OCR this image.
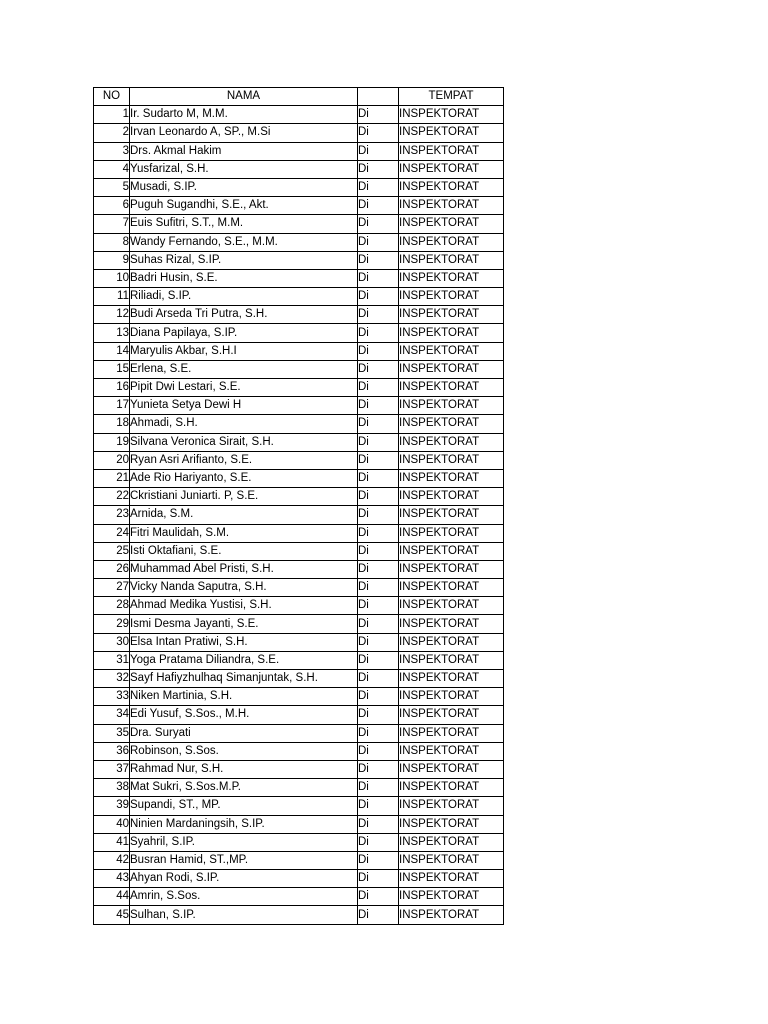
NO	NAMA		TEMPAT
1	Ir. Sudarto M, M.M.	Di	INSPEKTORAT
2	Irvan Leonardo A, SP., M.Si	Di	INSPEKTORAT
3	Drs. Akmal Hakim	Di	INSPEKTORAT
4	Yusfarizal, S.H.	Di	INSPEKTORAT
5	Musadi, S.IP.	Di	INSPEKTORAT
6	Puguh Sugandhi, S.E., Akt.	Di	INSPEKTORAT
7	Euis Sufitri, S.T., M.M.	Di	INSPEKTORAT
8	Wandy Fernando, S.E., M.M.	Di	INSPEKTORAT
9	Suhas Rizal, S.IP.	Di	INSPEKTORAT
10	Badri Husin, S.E.	Di	INSPEKTORAT
11	Riliadi, S.IP.	Di	INSPEKTORAT
12	Budi Arseda Tri Putra, S.H.	Di	INSPEKTORAT
13	Diana Papilaya, S.IP.	Di	INSPEKTORAT
14	Maryulis Akbar, S.H.I	Di	INSPEKTORAT
15	Erlena, S.E.	Di	INSPEKTORAT
16	Pipit Dwi Lestari, S.E.	Di	INSPEKTORAT
17	Yunieta Setya Dewi H	Di	INSPEKTORAT
18	Ahmadi, S.H.	Di	INSPEKTORAT
19	Silvana Veronica Sirait, S.H.	Di	INSPEKTORAT
20	Ryan Asri Arifianto, S.E.	Di	INSPEKTORAT
21	Ade Rio Hariyanto, S.E.	Di	INSPEKTORAT
22	Ckristiani Juniarti. P, S.E.	Di	INSPEKTORAT
23	Arnida, S.M.	Di	INSPEKTORAT
24	Fitri Maulidah, S.M.	Di	INSPEKTORAT
25	Isti Oktafiani, S.E.	Di	INSPEKTORAT
26	Muhammad Abel Pristi, S.H.	Di	INSPEKTORAT
27	Vicky Nanda Saputra, S.H.	Di	INSPEKTORAT
28	Ahmad Medika Yustisi, S.H.	Di	INSPEKTORAT
29	Ismi Desma Jayanti, S.E.	Di	INSPEKTORAT
30	Elsa Intan Pratiwi, S.H.	Di	INSPEKTORAT
31	Yoga Pratama Diliandra, S.E.	Di	INSPEKTORAT
32	Sayf Hafiyzhulhaq Simanjuntak, S.H.	Di	INSPEKTORAT
33	Niken Martinia, S.H.	Di	INSPEKTORAT
34	Edi Yusuf, S.Sos., M.H.	Di	INSPEKTORAT
35	Dra. Suryati	Di	INSPEKTORAT
36	Robinson, S.Sos.	Di	INSPEKTORAT
37	Rahmad Nur, S.H.	Di	INSPEKTORAT
38	Mat Sukri, S.Sos.M.P.	Di	INSPEKTORAT
39	Supandi, ST., MP.	Di	INSPEKTORAT
40	Ninien Mardaningsih, S.IP.	Di	INSPEKTORAT
41	Syahril, S.IP.	Di	INSPEKTORAT
42	Busran Hamid, ST.,MP.	Di	INSPEKTORAT
43	Ahyan Rodi, S.IP.	Di	INSPEKTORAT
44	Amrin, S.Sos.	Di	INSPEKTORAT
45	Sulhan, S.IP.	Di	INSPEKTORAT
